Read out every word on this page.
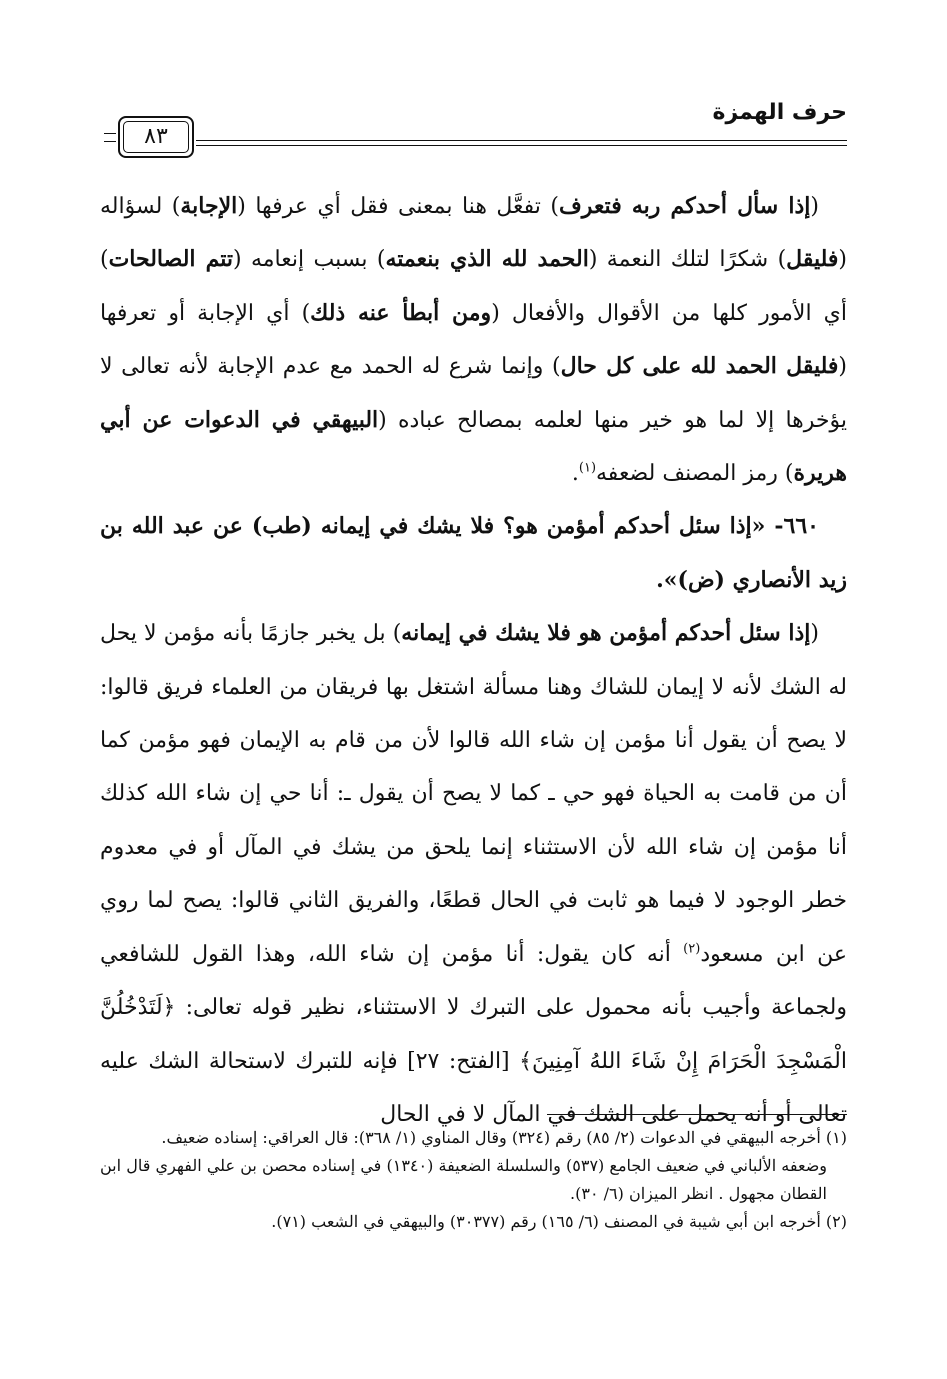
حرف الهمزة
٨٣

(إذا سأل أحدكم ربه فتعرف) تفعَّل هنا بمعنى فقل أي عرفها (الإجابة) لسؤاله (فليقل) شكرًا لتلك النعمة (الحمد لله الذي بنعمته) بسبب إنعامه (تتم الصالحات) أي الأمور كلها من الأقوال والأفعال (ومن أبطأ عنه ذلك) أي الإجابة أو تعرفها (فليقل الحمد لله على كل حال) وإنما شرع له الحمد مع عدم الإجابة لأنه تعالى لا يؤخرها إلا لما هو خير منها لعلمه بمصالح عباده (البيهقي في الدعوات عن أبي هريرة) رمز المصنف لضعفه$^{(١)}$.

٦٦٠- «إذا سئل أحدكم أمؤمن هو؟ فلا يشك في إيمانه (طب) عن عبد الله بن زيد الأنصاري (ض)».

(إذا سئل أحدكم أمؤمن هو فلا يشك في إيمانه) بل يخبر جازمًا بأنه مؤمن لا يحل له الشك لأنه لا إيمان للشاك وهنا مسألة اشتغل بها فريقان من العلماء فريق قالوا: لا يصح أن يقول أنا مؤمن إن شاء الله قالوا لأن من قام به الإيمان فهو مؤمن كما أن من قامت به الحياة فهو حي ـ كما لا يصح أن يقول ـ: أنا حي إن شاء الله كذلك أنا مؤمن إن شاء الله لأن الاستثناء إنما يلحق من يشك في المآل أو في معدوم خطر الوجود لا فيما هو ثابت في الحال قطعًا، والفريق الثاني قالوا: يصح لما روي عن ابن مسعود$^{(٢)}$ أنه كان يقول: أنا مؤمن إن شاء الله، وهذا القول للشافعي ولجماعة وأجيب بأنه محمول على التبرك لا الاستثناء، نظير قوله تعالى: ﴿لَتَدْخُلُنَّ الْمَسْجِدَ الْحَرَامَ إِنْ شَاءَ اللهُ آمِنِينَ﴾ [الفتح: ٢٧] فإنه للتبرك لاستحالة الشك عليه تعالى أو أنه يحمل على الشك في المآل لا في الحال

(١) أخرجه البيهقي في الدعوات (٢/ ٨٥) رقم (٣٢٤) وقال المناوي (١/ ٣٦٨): قال العراقي: إسناده ضعيف.

وضعفه الألباني في ضعيف الجامع (٥٣٧) والسلسلة الضعيفة (١٣٤٠) في إسناده محصن بن علي الفهري قال ابن القطان مجهول . انظر الميزان (٦/ ٣٠).

(٢) أخرجه ابن أبي شيبة في المصنف (٦/ ١٦٥) رقم (٣٠٣٧٧) والبيهقي في الشعب (٧١).
